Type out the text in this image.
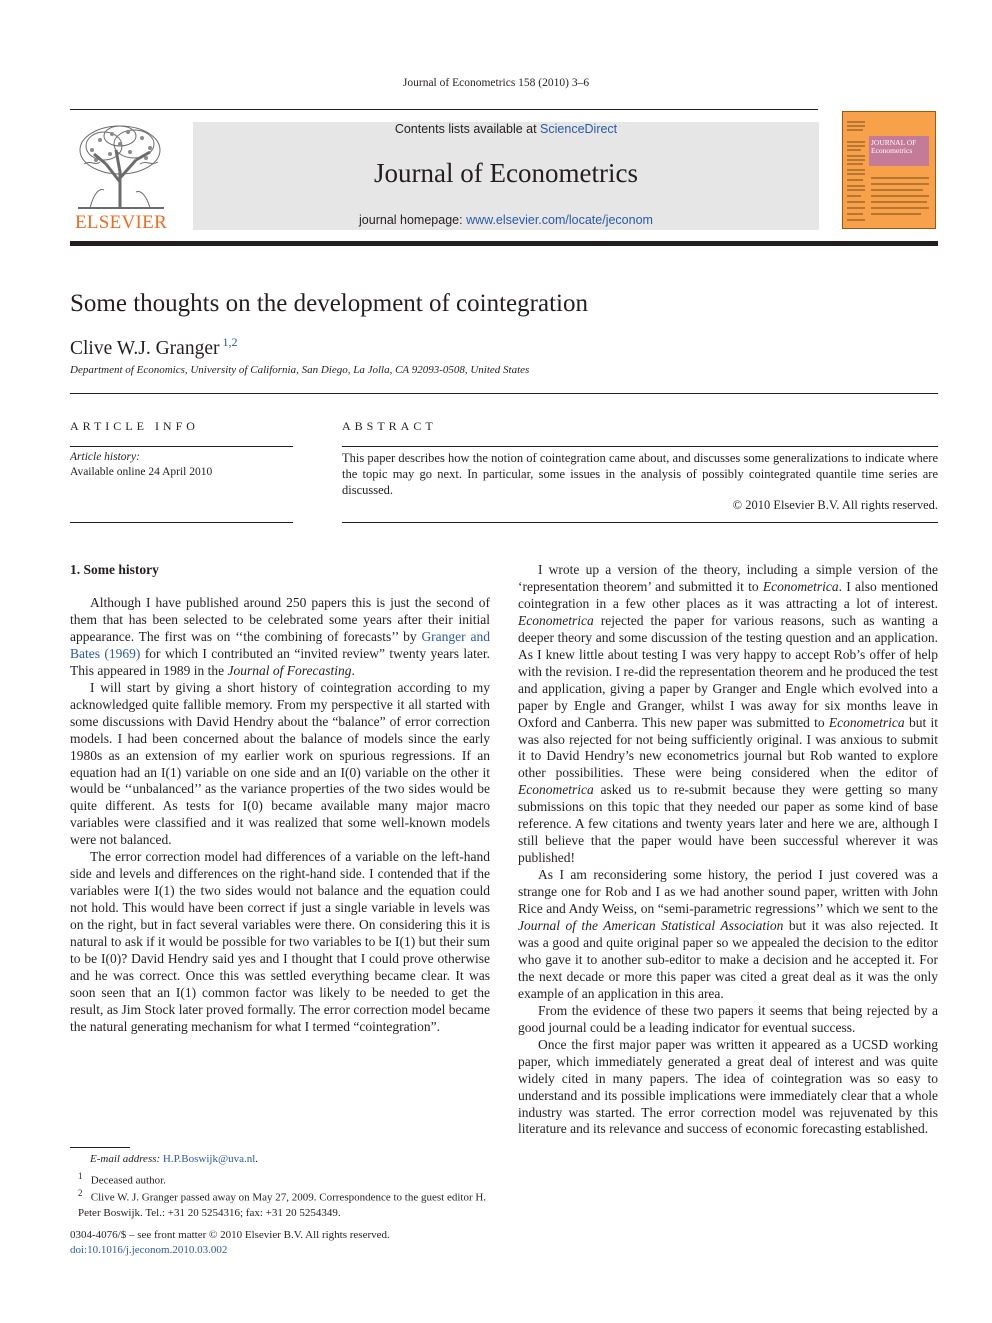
Journal of Econometrics 158 (2010) 3–6
ELSEVIER
Contents lists available at ScienceDirect
Journal of Econometrics
journal homepage: www.elsevier.com/locate/jeconom
JOURNAL OF Econometrics
Some thoughts on the development of cointegration
Clive W.J. Granger $^{1,2}$
Department of Economics, University of California, San Diego, La Jolla, CA 92093-0508, United States
ARTICLE INFO	ABSTRACT
Article history:
Available online 24 April 2010
This paper describes how the notion of cointegration came about, and discusses some generalizations to indicate where the topic may go next. In particular, some issues in the analysis of possibly cointegrated quantile time series are discussed.
© 2010 Elsevier B.V. All rights reserved.
1. Some history

Although I have published around 250 papers this is just the second of them that has been selected to be celebrated some years after their initial appearance. The first was on ‘‘the combining of forecasts’’ by Granger and Bates (1969) for which I contributed an “invited review” twenty years later. This appeared in 1989 in the Journal of Forecasting.

I will start by giving a short history of cointegration according to my acknowledged quite fallible memory. From my perspective it all started with some discussions with David Hendry about the “balance” of error correction models. I had been concerned about the balance of models since the early 1980s as an extension of my earlier work on spurious regressions. If an equation had an I(1) variable on one side and an I(0) variable on the other it would be ‘‘unbalanced’’ as the variance properties of the two sides would be quite different. As tests for I(0) became available many major macro variables were classified and it was realized that some well-known models were not balanced.

The error correction model had differences of a variable on the left-hand side and levels and differences on the right-hand side. I contended that if the variables were I(1) the two sides would not balance and the equation could not hold. This would have been correct if just a single variable in levels was on the right, but in fact several variables were there. On considering this it is natural to ask if it would be possible for two variables to be I(1) but their sum to be I(0)? David Hendry said yes and I thought that I could prove otherwise and he was correct. Once this was settled everything became clear. It was soon seen that an I(1) common factor was likely to be needed to get the result, as Jim Stock later proved formally. The error correction model became the natural generating mechanism for what I termed “cointegration”.

I wrote up a version of the theory, including a simple version of the ‘representation theorem’ and submitted it to Econometrica. I also mentioned cointegration in a few other places as it was attracting a lot of interest. Econometrica rejected the paper for various reasons, such as wanting a deeper theory and some discussion of the testing question and an application. As I knew little about testing I was very happy to accept Rob’s offer of help with the revision. I re-did the representation theorem and he produced the test and application, giving a paper by Granger and Engle which evolved into a paper by Engle and Granger, whilst I was away for six months leave in Oxford and Canberra. This new paper was submitted to Econometrica but it was also rejected for not being sufficiently original. I was anxious to submit it to David Hendry’s new econometrics journal but Rob wanted to explore other possibilities. These were being considered when the editor of Econometrica asked us to re-submit because they were getting so many submissions on this topic that they needed our paper as some kind of base reference. A few citations and twenty years later and here we are, although I still believe that the paper would have been successful wherever it was published!

As I am reconsidering some history, the period I just covered was a strange one for Rob and I as we had another sound paper, written with John Rice and Andy Weiss, on “semi-parametric regressions’’ which we sent to the Journal of the American Statistical Association but it was also rejected. It was a good and quite original paper so we appealed the decision to the editor who gave it to another sub-editor to make a decision and he accepted it. For the next decade or more this paper was cited a great deal as it was the only example of an application in this area.

From the evidence of these two papers it seems that being rejected by a good journal could be a leading indicator for eventual success.

Once the first major paper was written it appeared as a UCSD working paper, which immediately generated a great deal of interest and was quite widely cited in many papers. The idea of cointegration was so easy to understand and its possible implications were immediately clear that a whole industry was started. The error correction model was rejuvenated by this literature and its relevance and success of economic forecasting established.

E-mail address: H.P.Boswijk@uva.nl.
$^1$ Deceased author.
$^2$ Clive W. J. Granger passed away on May 27, 2009. Correspondence to the guest editor H. Peter Boswijk. Tel.: +31 20 5254316; fax: +31 20 5254349.
0304-4076/$ – see front matter © 2010 Elsevier B.V. All rights reserved.
doi:10.1016/j.jeconom.2010.03.002
